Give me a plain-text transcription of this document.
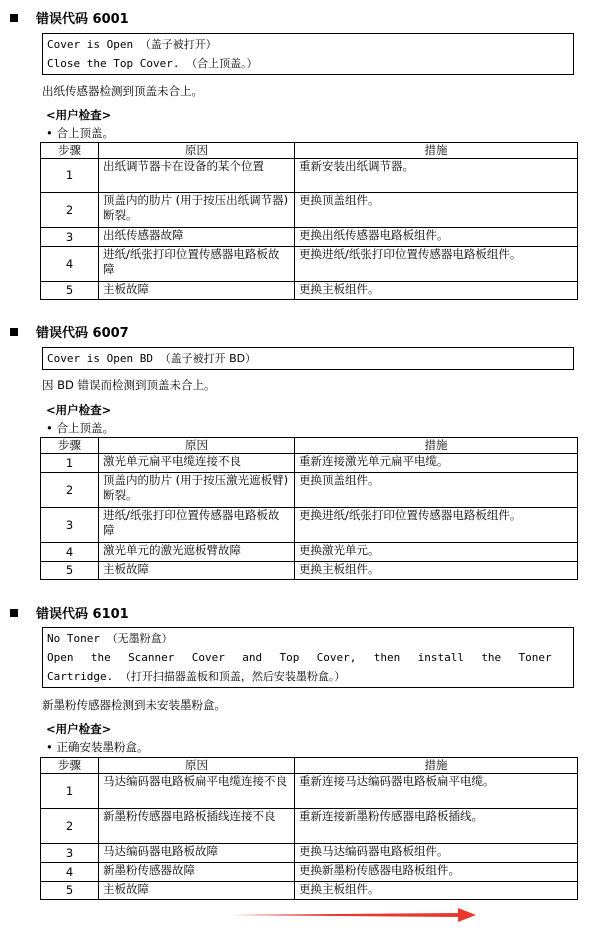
错误代码 6001
Cover is Open （盖子被打开）
Close the Top Cover. （合上顶盖。）
出纸传感器检测到顶盖未合上。
<用户检查>
• 合上顶盖。
步骤	原因	措施
1	出纸调节器卡在设备的某个位置	重新安装出纸调节器。
2	顶盖内的肋片 (用于按压出纸调节器) 断裂。	更换顶盖组件。
3	出纸传感器故障	更换出纸传感器电路板组件。
4	进纸/纸张打印位置传感器电路板故障	更换进纸/纸张打印位置传感器电路板组件。
5	主板故障	更换主板组件。
错误代码 6007
Cover is Open BD （盖子被打开 BD）
因 BD 错误而检测到顶盖未合上。
<用户检查>
• 合上顶盖。
步骤	原因	措施
1	激光单元扁平电缆连接不良	重新连接激光单元扁平电缆。
2	顶盖内的肋片 (用于按压激光遮板臂) 断裂。	更换顶盖组件。
3	进纸/纸张打印位置传感器电路板故障	更换进纸/纸张打印位置传感器电路板组件。
4	激光单元的激光遮板臂故障	更换激光单元。
5	主板故障	更换主板组件。
错误代码 6101
No Toner （无墨粉盒）
Open the Scanner Cover and Top Cover, then install the Toner
Cartridge. （打开扫描器盖板和顶盖，然后安装墨粉盒。）
新墨粉传感器检测到未安装墨粉盒。
<用户检查>
• 正确安装墨粉盒。
步骤	原因	措施
1	马达编码器电路板扁平电缆连接不良	重新连接马达编码器电路板扁平电缆。
2	新墨粉传感器电路板插线连接不良	重新连接新墨粉传感器电路板插线。
3	马达编码器电路板故障	更换马达编码器电路板组件。
4	新墨粉传感器故障	更换新墨粉传感器电路板组件。
5	主板故障	更换主板组件。
